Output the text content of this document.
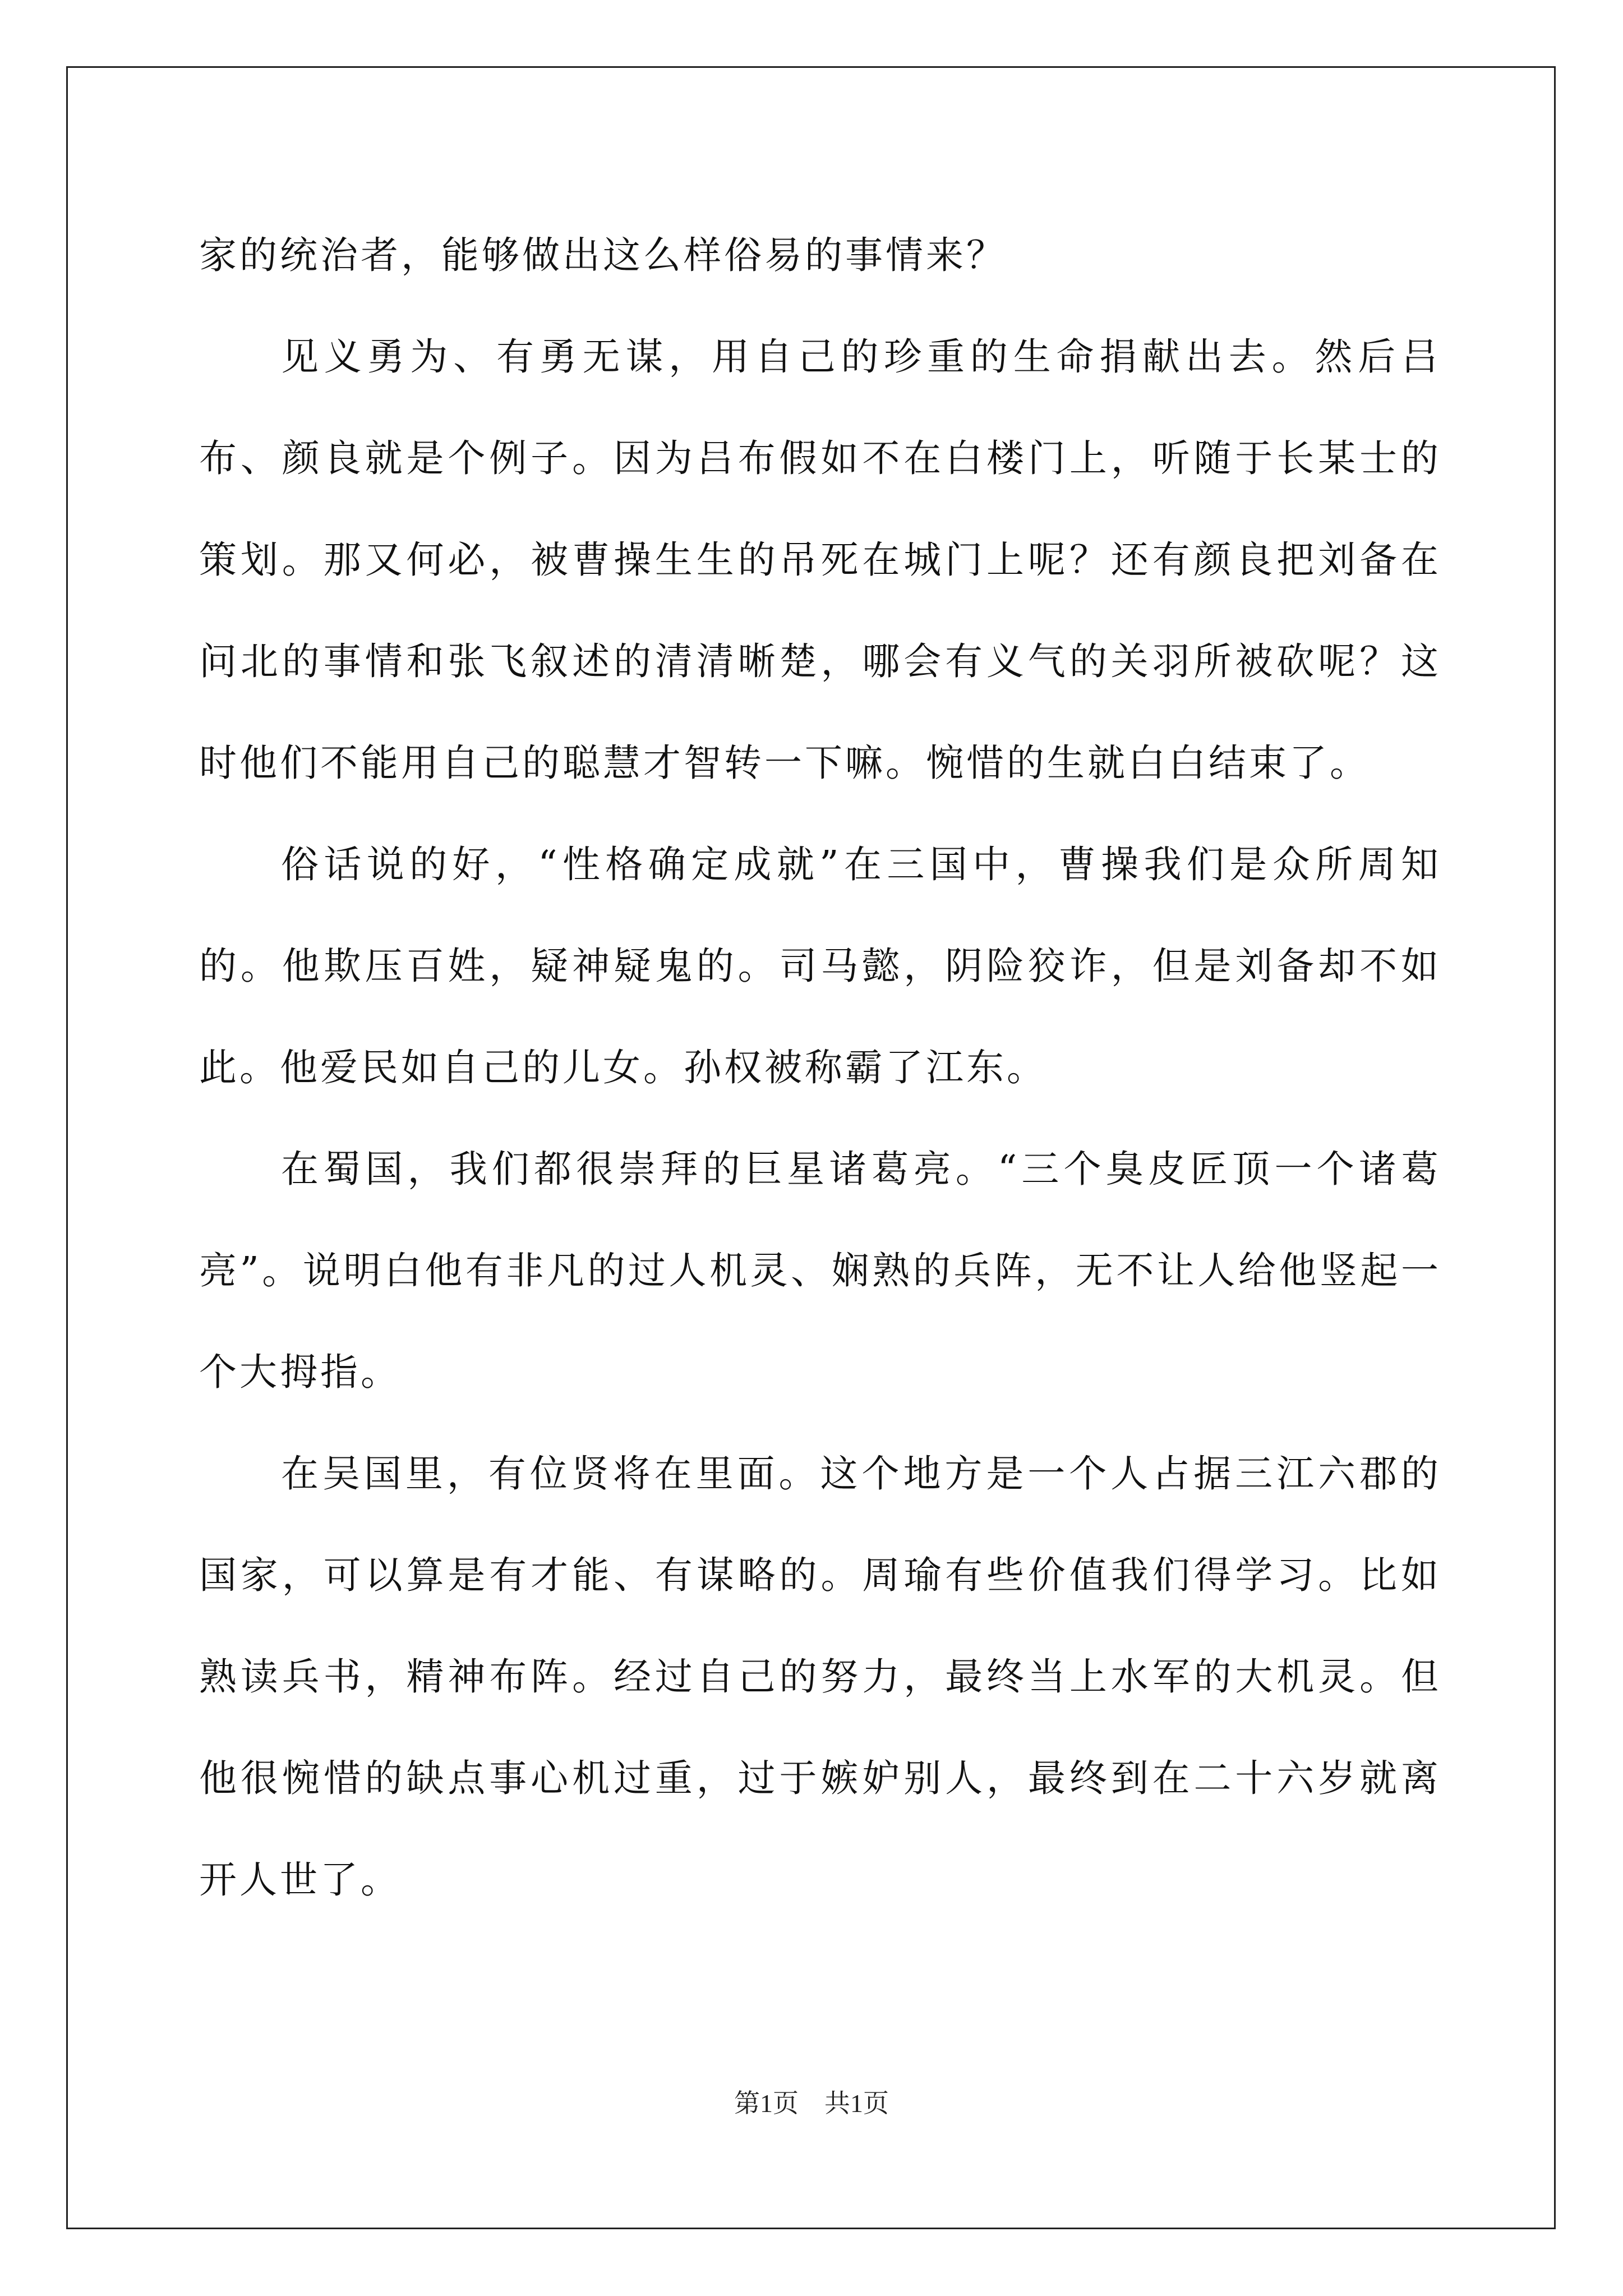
家的统治者，能够做出这么样俗易的事情来？

见义勇为、有勇无谋，用自己的珍重的生命捐献出去。然后吕布、颜良就是个例子。因为吕布假如不在白楼门上，听随于长某士的策划。那又何必，被曹操生生的吊死在城门上呢？还有颜良把刘备在问北的事情和张飞叙述的清清晰楚，哪会有义气的关羽所被砍呢？这时他们不能用自己的聪慧才智转一下嘛。惋惜的生就白白结束了。

俗话说的好，“性格确定成就”在三国中，曹操我们是众所周知的。他欺压百姓，疑神疑鬼的。司马懿，阴险狡诈，但是刘备却不如此。他爱民如自己的儿女。孙权被称霸了江东。

在蜀国，我们都很崇拜的巨星诸葛亮。“三个臭皮匠顶一个诸葛亮”。说明白他有非凡的过人机灵、娴熟的兵阵，无不让人给他竖起一个大拇指。

在吴国里，有位贤将在里面。这个地方是一个人占据三江六郡的国家，可以算是有才能、有谋略的。周瑜有些价值我们得学习。比如熟读兵书，精神布阵。经过自己的努力，最终当上水军的大机灵。但他很惋惜的缺点事心机过重，过于嫉妒别人，最终到在二十六岁就离开人世了。

第1页　共1页
